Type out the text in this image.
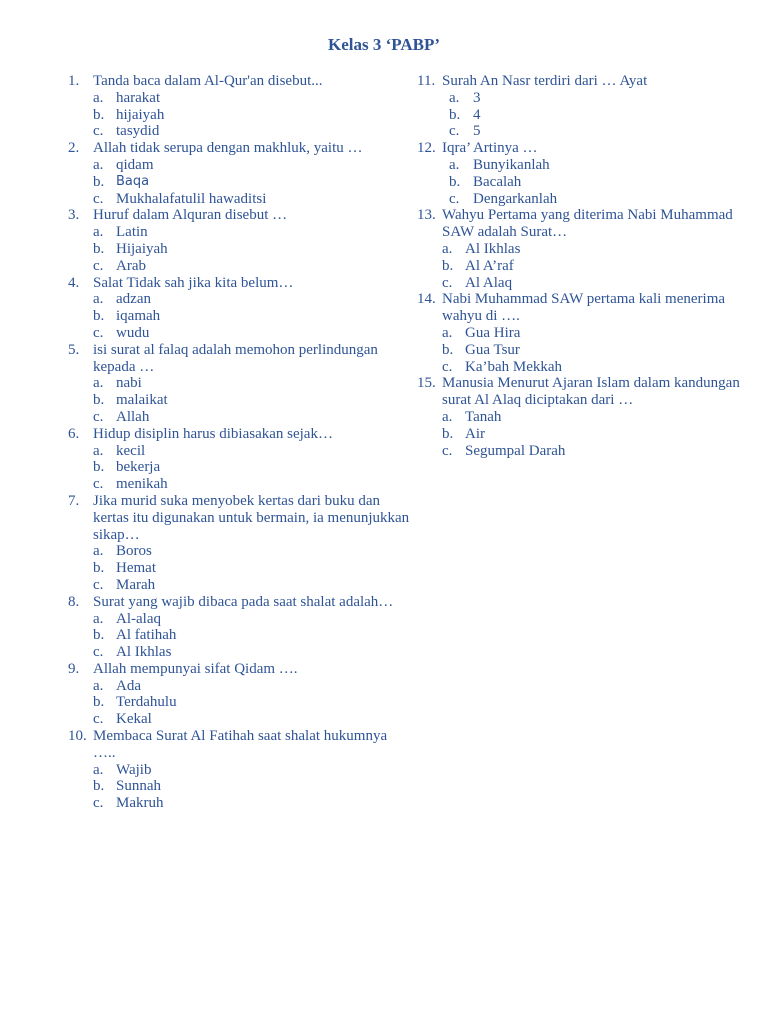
Kelas 3 ‘PABP’
1. Tanda baca dalam Al-Qur'an disebut...
a. harakat
b. hijaiyah
c. tasydid
2. Allah tidak serupa dengan makhluk, yaitu …
a. qidam
b. Baqa
c. Mukhalafatulil hawaditsi
3. Huruf dalam Alquran disebut …
a. Latin
b. Hijaiyah
c. Arab
4. Salat Tidak sah jika kita belum…
a. adzan
b. iqamah
c. wudu
5. isi surat al falaq adalah memohon perlindungan kepada …
a. nabi
b. malaikat
c. Allah
6. Hidup disiplin harus dibiasakan sejak…
a. kecil
b. bekerja
c. menikah
7. Jika murid suka menyobek kertas dari buku dan kertas itu digunakan untuk bermain, ia menunjukkan sikap…
a. Boros
b. Hemat
c. Marah
8. Surat yang wajib dibaca pada saat shalat adalah…
a. Al-alaq
b. Al fatihah
c. Al Ikhlas
9. Allah mempunyai sifat Qidam ….
a. Ada
b. Terdahulu
c. Kekal
10. Membaca Surat Al Fatihah saat shalat hukumnya …..
a. Wajib
b. Sunnah
c. Makruh
11. Surah An Nasr terdiri dari … Ayat
a. 3
b. 4
c. 5
12. Iqra’ Artinya …
a. Bunyikanlah
b. Bacalah
c. Dengarkanlah
13. Wahyu Pertama yang diterima Nabi Muhammad SAW adalah Surat…
a. Al Ikhlas
b. Al A’raf
c. Al Alaq
14. Nabi Muhammad SAW pertama kali menerima wahyu di ….
a. Gua Hira
b. Gua Tsur
c. Ka’bah Mekkah
15. Manusia Menurut Ajaran Islam dalam kandungan surat Al Alaq diciptakan dari …
a. Tanah
b. Air
c. Segumpal Darah
